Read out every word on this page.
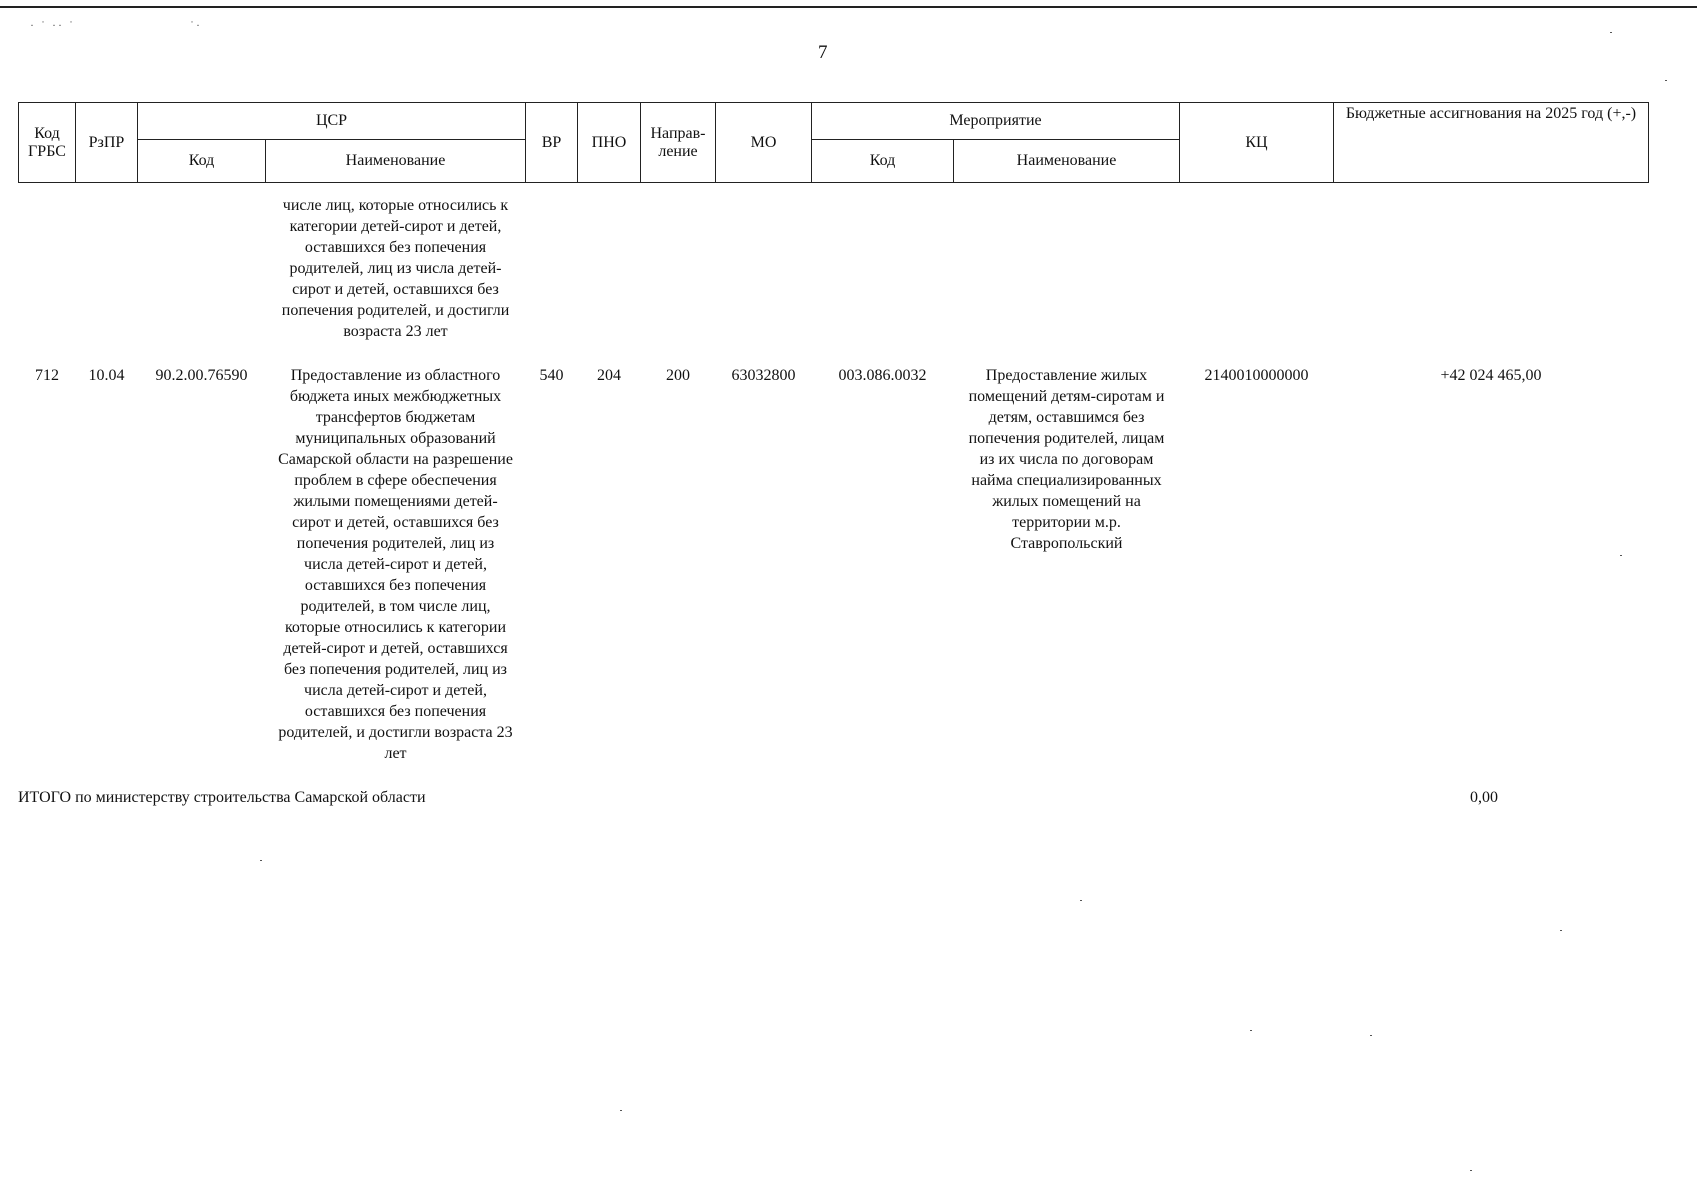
· ˙ ·· ˙	˙·
7
Код ГРБС	РзПР	ЦСР		ВР	ПНО	Направ-ление	МО	Мероприятие		КЦ	Бюджетные ассигнования на 2025 год (+,-)
		Код	Наименование					Код	Наименование		
			числе лиц, которые относились к категории детей-сирот и детей, оставшихся без попечения родителей, лиц из числа детей-сирот и детей, оставшихся без попечения родителей, и достигли возраста 23 лет								
712	10.04	90.2.00.76590	Предоставление из областного бюджета иных межбюджетных трансфертов бюджетам муниципальных образований Самарской области на разрешение проблем в сфере обеспечения жилыми помещениями детей-сирот и детей, оставшихся без попечения родителей, лиц из числа детей-сирот и детей, оставшихся без попечения родителей, в том числе лиц, которые относились к категории детей-сирот и детей, оставшихся без попечения родителей, лиц из числа детей-сирот и детей, оставшихся без попечения родителей, и достигли возраста 23 лет	540	204	200	63032800	003.086.0032	Предоставление жилых помещений детям-сиротам и детям, оставшимся без попечения родителей, лицам из их числа по договорам найма специализированных жилых помещений на территории м.р. Ставропольский	2140010000000	+42 024 465,00
ИТОГО по министерству строительства Самарской области	0,00
